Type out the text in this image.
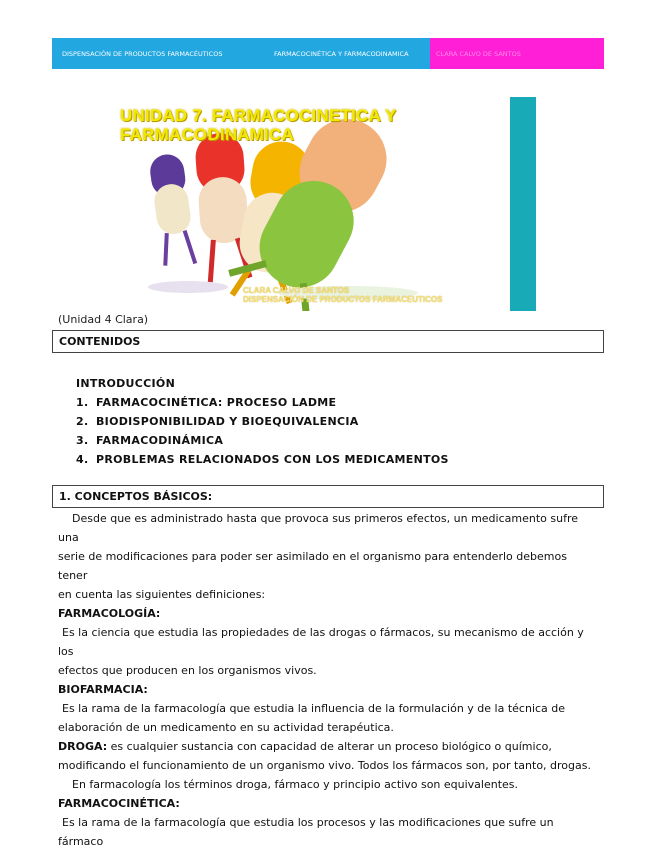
DISPENSACIÓN DE PRODUCTOS FARMACÉUTICOS	FARMACOCINÉTICA Y FARMACODINAMICA	CLARA CALVO DE SANTOS
UNIDAD 7. FARMACOCINETICA Y FARMACODINAMICA
CLARA CALVO DE SANTOS
DISPENSACIÓN DE PRODUCTOS FARMACEUTICOS
(Unidad 4 Clara)
CONTENIDOS
INTRODUCCIÓN
1. FARMACOCINÉTICA: PROCESO LADME
2. BIODISPONIBILIDAD Y BIOEQUIVALENCIA
3. FARMACODINÁMICA
4. PROBLEMAS RELACIONADOS CON LOS MEDICAMENTOS
1. CONCEPTOS BÁSICOS:

Desde que es administrado hasta que provoca sus primeros efectos, un medicamento sufre una

serie de modificaciones para poder ser asimilado en el organismo para entenderlo debemos tener

en cuenta las siguientes definiciones:

FARMACOLOGÍA:

Es la ciencia que estudia las propiedades de las drogas o fármacos, su mecanismo de acción y los

efectos que producen en los organismos vivos.

BIOFARMACIA:

Es la rama de la farmacología que estudia la influencia de la formulación y de la técnica de

elaboración de un medicamento en su actividad terapéutica.

DROGA: es cualquier sustancia con capacidad de alterar un proceso biológico o químico,

modificando el funcionamiento de un organismo vivo. Todos los fármacos son, por tanto, drogas.

En farmacología los términos droga, fármaco y principio activo son equivalentes.

FARMACOCINÉTICA:

Es la rama de la farmacología que estudia los procesos y las modificaciones que sufre un fármaco
